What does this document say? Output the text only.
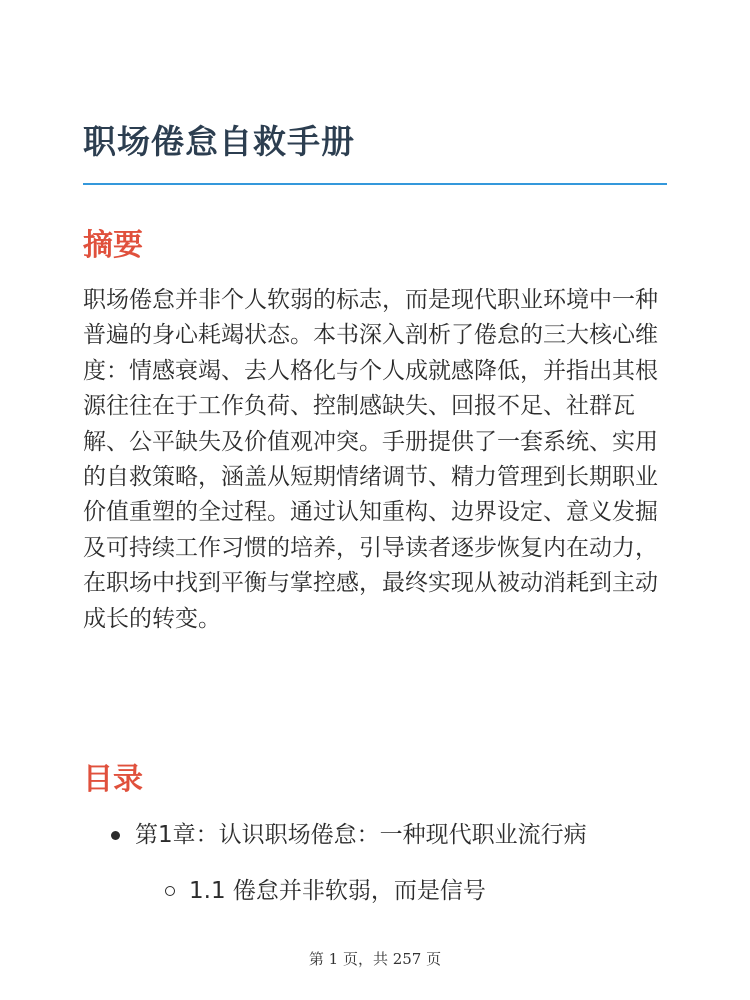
职场倦怠自救手册
摘要

职场倦怠并非个人软弱的标志，而是现代职业环境中一种普遍的身心耗竭状态。本书深入剖析了倦怠的三大核心维度：情感衰竭、去人格化与个人成就感降低，并指出其根源往往在于工作负荷、控制感缺失、回报不足、社群瓦解、公平缺失及价值观冲突。手册提供了一套系统、实用的自救策略，涵盖从短期情绪调节、精力管理到长期职业价值重塑的全过程。通过认知重构、边界设定、意义发掘及可持续工作习惯的培养，引导读者逐步恢复内在动力，在职场中找到平衡与掌控感，最终实现从被动消耗到主动成长的转变。

目录
第1章：认识职场倦怠：一种现代职业流行病
1.1 倦怠并非软弱，而是信号
第 1 页，共 257 页
